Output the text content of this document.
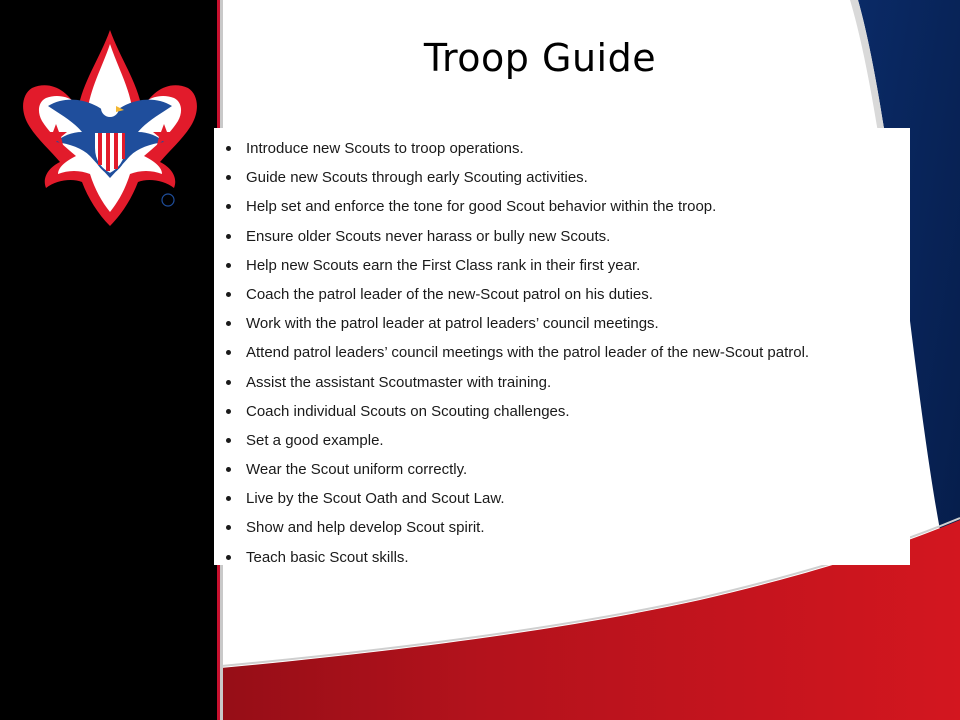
Troop Guide
Introduce new Scouts to troop operations.
Guide new Scouts through early Scouting activities.
Help set and enforce the tone for good Scout behavior within the troop.
Ensure older Scouts never harass or bully new Scouts.
Help new Scouts earn the First Class rank in their first year.
Coach the patrol leader of the new-Scout patrol on his duties.
Work with the patrol leader at patrol leaders’ council meetings.
Attend patrol leaders’ council meetings with the patrol leader of the new-Scout patrol.
Assist the assistant Scoutmaster with training.
Coach individual Scouts on Scouting challenges.
Set a good example.
Wear the Scout uniform correctly.
Live by the Scout Oath and Scout Law.
Show and help develop Scout spirit.
Teach basic Scout skills.
